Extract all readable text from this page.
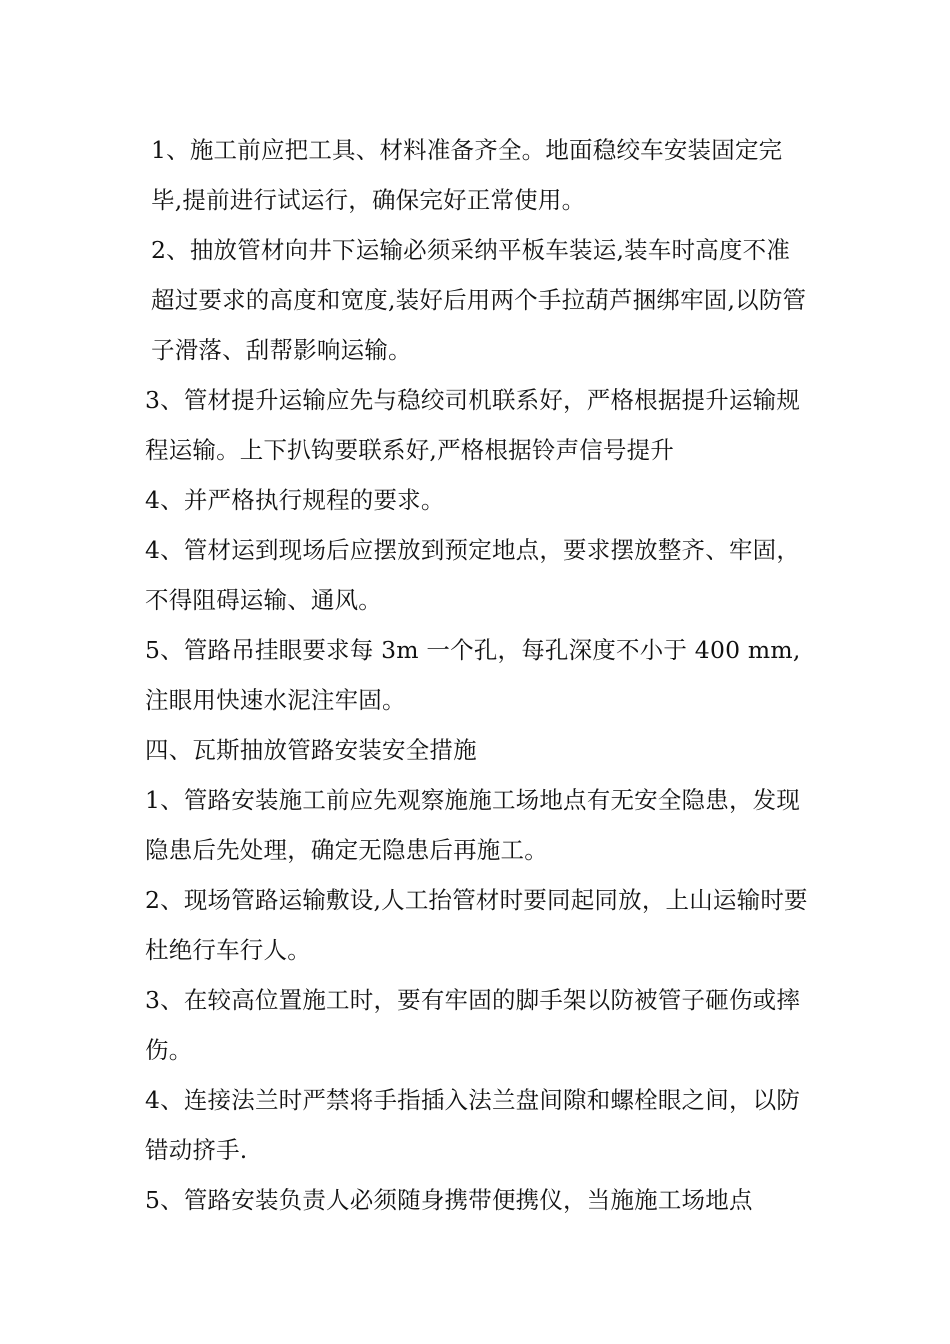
1、施工前应把工具、材料准备齐全。地面稳绞车安装固定完毕,提前进行试运行，确保完好正常使用。

2、抽放管材向井下运输必须采纳平板车装运,装车时高度不准超过要求的高度和宽度,装好后用两个手拉葫芦捆绑牢固,以防管子滑落、刮帮影响运输。

3、管材提升运输应先与稳绞司机联系好，严格根据提升运输规程运输。上下扒钩要联系好,严格根据铃声信号提升

4、并严格执行规程的要求。

4、管材运到现场后应摆放到预定地点，要求摆放整齐、牢固，不得阻碍运输、通风。

5、管路吊挂眼要求每 3m 一个孔，每孔深度不小于 400 mm,注眼用快速水泥注牢固。

四、瓦斯抽放管路安装安全措施

1、管路安装施工前应先观察施施工场地点有无安全隐患，发现隐患后先处理，确定无隐患后再施工。

2、现场管路运输敷设,人工抬管材时要同起同放，上山运输时要杜绝行车行人。

3、在较高位置施工时，要有牢固的脚手架以防被管子砸伤或摔伤。

4、连接法兰时严禁将手指插入法兰盘间隙和螺栓眼之间，以防错动挤手.

5、管路安装负责人必须随身携带便携仪，当施施工场地点
